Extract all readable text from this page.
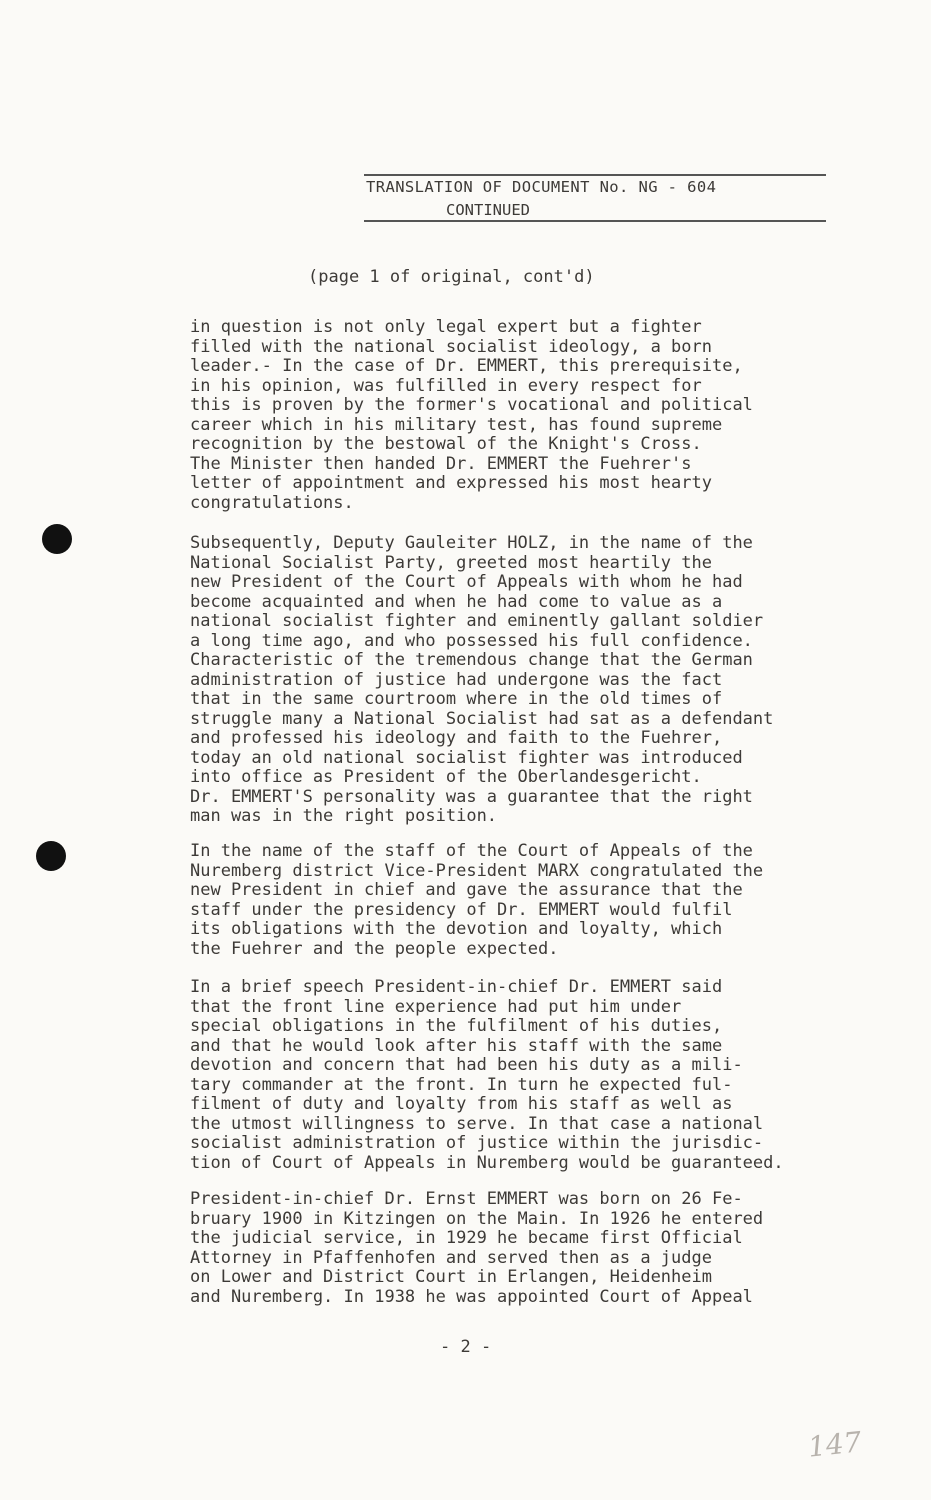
TRANSLATION OF DOCUMENT No. NG - 604
CONTINUED
(page 1 of original, cont'd)
in question is not only legal expert but a fighter
filled with the national socialist ideology, a born
leader.- In the case of Dr. EMMERT, this prerequisite,
in his opinion, was fulfilled in every respect for
this is proven by the former's vocational and political
career which in his military test, has found supreme
recognition by the bestowal of the Knight's Cross.
The Minister then handed Dr. EMMERT the Fuehrer's
letter of appointment and expressed his most hearty
congratulations.
Subsequently, Deputy Gauleiter HOLZ, in the name of the
National Socialist Party, greeted most heartily the
new President of the Court of Appeals with whom he had
become acquainted and when he had come to value as a
national socialist fighter and eminently gallant soldier
a long time ago, and who possessed his full confidence.
Characteristic of the tremendous change that the German
administration of justice had undergone was the fact
that in the same courtroom where in the old times of
struggle many a National Socialist had sat as a defendant
and professed his ideology and faith to the Fuehrer,
today an old national socialist fighter was introduced
into office as President of the Oberlandesgericht.
Dr. EMMERT'S personality was a guarantee that the right
man was in the right position.
In the name of the staff of the Court of Appeals of the
Nuremberg district Vice-President MARX congratulated the
new President in chief and gave the assurance that the
staff under the presidency of Dr. EMMERT would fulfil
its obligations with the devotion and loyalty, which
the Fuehrer and the people expected.
In a brief speech President-in-chief Dr. EMMERT said
that the front line experience had put him under
special obligations in the fulfilment of his duties,
and that he would look after his staff with the same
devotion and concern that had been his duty as a mili-
tary commander at the front. In turn he expected ful-
filment of duty and loyalty from his staff as well as
the utmost willingness to serve. In that case a national
socialist administration of justice within the jurisdic-
tion of Court of Appeals in Nuremberg would be guaranteed.
President-in-chief Dr. Ernst EMMERT was born on 26 Fe-
bruary 1900 in Kitzingen on the Main. In 1926 he entered
the judicial service, in 1929 he became first Official
Attorney in Pfaffenhofen and served then as a judge
on Lower and District Court in Erlangen, Heidenheim
and Nuremberg. In 1938 he was appointed Court of Appeal
- 2 -
147
